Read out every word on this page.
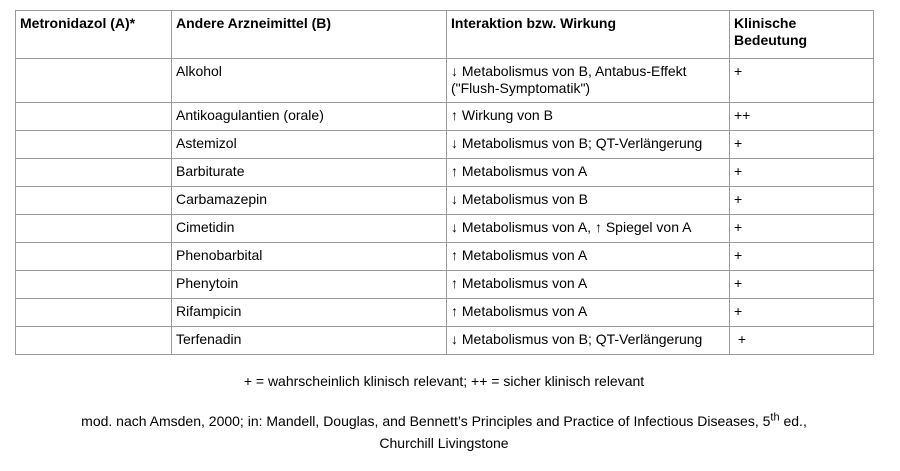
Metronidazol (A)*	Andere Arzneimittel (B)	Interaktion bzw. Wirkung	Klinische Bedeutung
	Alkohol	↓ Metabolismus von B, Antabus-Effekt ("Flush-Symptomatik")	+
	Antikoagulantien (orale)	↑ Wirkung von B	++
	Astemizol	↓ Metabolismus von B; QT-Verlängerung	+
	Barbiturate	↑ Metabolismus von A	+
	Carbamazepin	↓ Metabolismus von B	+
	Cimetidin	↓ Metabolismus von A, ↑ Spiegel von A	+
	Phenobarbital	↑ Metabolismus von A	+
	Phenytoin	↑ Metabolismus von A	+
	Rifampicin	↑ Metabolismus von A	+
	Terfenadin	↓ Metabolismus von B; QT-Verlängerung	+
+ = wahrscheinlich klinisch relevant; ++ = sicher klinisch relevant
mod. nach Amsden, 2000; in: Mandell, Douglas, and Bennett’s Principles and Practice of Infectious Diseases, 5th ed.,
Churchill Livingstone
